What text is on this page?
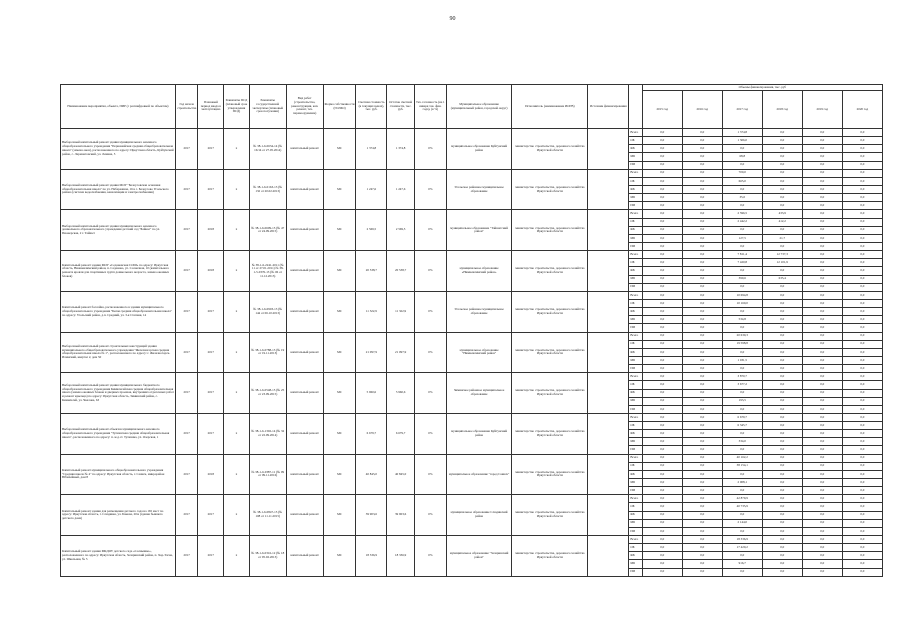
90
Наименование мероприятия, объекта, ПИР (с расшифровкой по объектам)	Год начала строительства	Плановый период ввода в эксплуатацию	Реквизиты ПСД (плановый срок утверждения ПСД)	Реквизиты государственной экспертизы (плановый срок получения)	Вид работ (строительство, реконструкция, кап. ремонт, тех. перевооружение)	Форма собственности (ГО/МО)	Сметная стоимость (в текущих ценах), тыс. руб.	Остаток сметной стоимости, тыс. руб.	Тех. готовность (на 1 января тек. фин. года), (в %)	Муниципальное образование (муниципальный район, городской округ)	Исполнитель (наименование ИОГВ)	Источник финансирования		Объемы финансирования, тыс. руб					
														2015 год	2016 год	2017 год	2018 год	2019 год	2020 год
Выборочный капитальный ремонт здания муниципального казенного общеобразовательного учреждения "Первомайская средняя общеобразовательная школа" (замена окон), расположенного по адресу: Иркутская область, Куйтунский район, с. Лермонтовский, ул. Ленина, 5	2017	2017	x	№ 38-1-6-0634-14 (№ 16/14 от 27.05.2014)	капитальный ремонт	МС	1 374,8	1 374,8	0%	муниципальное образование Куйтунский район	министерство строительства, дорожного хозяйства Иркутской области		Всего	0,0	0,0	1 374,8	0,0	0,0	0,0
													ОБ	0,0	0,0	1 306,0	0,0	0,0	0,0
													ФБ	0,0	0,0	0,0	0,0	0,0	0,0
													МБ	0,0	0,0	68,8	0,0	0,0	0,0
													ИИ	0,0	0,0	0,0	0,0	0,0	0,0
Выборочный капитальный ремонт здания МОУ "Белоусовская основная общеобразовательная школа" по ул. Набережная, 16 в с. Белоусово Усольского района (система водоснабжения, канализации и электроснабжения)	2017	2017	x	№ 38-1-6-0163-13 (№ 132 от 20.02.2013)	капитальный ремонт	МС	1 247,6	1 247,6	0%	Усольское районное муниципальное образование	министерство строительства, дорожного хозяйства Иркутской области		Всего	0,0	0,0	700,0	0,0	0,0	0,0
													ОБ	0,0	0,0	665,0	0,0	0,0	0,0
													ФБ	0,0	0,0	0,0	0,0	0,0	0,0
													МБ	0,0	0,0	35,0	0,0	0,0	0,0
													ИИ	0,0	0,0	0,0	0,0	0,0	0,0
Выборочный капитальный ремонт здания муниципального казенного дошкольного образовательного учреждения детский сад "Байкал" по ул. Пионерская, 2 г. Тайшет	2017	2018	x	№ 38-1-6-0609-15 (№ 47 от 24.09.2015)	капитальный ремонт	МС	2 569,5	2 569,5	0%	муниципальное образование "Тайшетский район"	министерство строительства, дорожного хозяйства Иркутской области		Всего	0,0	0,0	2 596,5	433,9	0,0	0,0
													ОБ	0,0	0,0	2 442,2	412,2	0,0	0,0
													ФБ	0,0	0,0	0,0	0,0	0,0	0,0
													МБ	0,0	0,0	127,5	21,7	0,0	0,0
													ИИ	0,0	0,0	0,0	0,0	0,0	0,0
Капитальный ремонт здания МОУ «Седановская СОШ» по адресу: Иркутская область, Нижнеилимский район, п. Седаново, ул. Солнечная, 10 (капитального ремонта кровли для спортивных групп дошкольного возраста, замена оконных блоков)	2017	2018	x	№ 38-1-6-2241-2011 (№ 11 от 27.01.2011) № 38-1-5-0376-13 (№ 06 от 11.12.2013)	капитальный ремонт	МС	20 538,7	20 538,7	0%	муниципальное образование «Нижнеилимский район»	министерство строительства, дорожного хозяйства Иркутской области		Всего	0,0	0,0	7 811,4	12 737,3	0,0	0,0
													ОБ	0,0	0,0	7 420,8	12 101,9	0,0	0,0
													ФБ	0,0	0,0	0,0	0,0	0,0	0,0
													МБ	0,0	0,0	390,6	635,4	0,0	0,0
													ИИ	0,0	0,0	0,0	0,0	0,0	0,0
Капитальный ремонт бассейна, расположенного в здании муниципального общеобразовательного учреждения "Белая средняя общеобразовательная школа" по адресу: Усольский район, д.п. Средний, ул. 3-я Степная, 14	2017	2017	x	№ 38-1-6-0903-13 (№ 144 от 06.10.2013)	капитальный ремонт	МС	11 322,9	11 322,9	0%	Усольское районное муниципальное образование	министерство строительства, дорожного хозяйства Иркутской области		Всего	0,0	0,0	10 694,8	0,0	0,0	0,0
													ОБ	0,0	0,0	10 160,0	0,0	0,0	0,0
													ФБ	0,0	0,0	0,0	0,0	0,0	0,0
													МБ	0,0	0,0	534,8	0,0	0,0	0,0
													ИИ	0,0	0,0	0,0	0,0	0,0	0,0
Выборочный капитальный ремонт строительных конструкций здания муниципального общеобразовательного учреждения "Железногорская средняя общеобразовательная школа № 1", расположенного по адресу: г. Железногорск-Илимский, квартал 2, дом 50	2017	2017	x	№ 38-1-6-0788-13 (№ 19 от 19.11.2013)	капитальный ремонт	МС	21 097,9	21 097,9	0%	муниципальное образование "Нижнеилимский район"	министерство строительства, дорожного хозяйства Иркутской области		Всего	0,0	0,0	20 630,3	0,0	0,0	0,0
													ОБ	0,0	0,0	19 598,8	0,0	0,0	0,0
													ФБ	0,0	0,0	0,0	0,0	0,0	0,0
													МБ	0,0	0,0	1 031,5	0,0	0,0	0,0
													ИИ	0,0	0,0	0,0	0,0	0,0	0,0
Выборочный капитальный ремонт здания муниципального бюджетного общеобразовательного учреждения Кимильтейская средняя общеобразовательная школа (замена оконных блоков и дверных проемов, внутренних отделочных работ и ремонт крыльца) по адресу: Иркутская область, Зиминский район, с. Кимильтей, ул. Чкалова, 63	2017	2017	x	№ 38-1-6-0548-15 (№ 25 от 23.09.2015)	капитальный ремонт	МС	5 960,6	5 960,6	0%	Зиминское районное муниципальное образование	министерство строительства, дорожного хозяйства Иркутской области		Всего	0,0	0,0	3 870,7	0,0	0,0	0,0
													ОБ	0,0	0,0	3 677,2	0,0	0,0	0,0
													ФБ	0,0	0,0	0,0	0,0	0,0	0,0
													МБ	0,0	0,0	193,5	0,0	0,0	0,0
													ИИ	0,0	0,0	0,0	0,0	0,0	0,0
Выборочный капитальный ремонт объектов муниципального казенного общеобразовательного учреждения "Тулюшская средняя общеобразовательная школа", расположенного по адресу: п. ж.д.ст. Тулюшка, ул. Озерская, 1	2017	2017	x	№ 38-1-6-1302-14 (№ 32 от 22.09.2014)	капитальный ремонт	МС	6 679,7	6 679,7	0%	муниципальное образование Куйтунский район	министерство строительства, дорожного хозяйства Иркутской области		Всего	0,0	0,0	6 679,7	0,0	0,0	0,0
													ОБ	0,0	0,0	6 345,7	0,0	0,0	0,0
													ФБ	0,0	0,0	0,0	0,0	0,0	0,0
													МБ	0,0	0,0	334,0	0,0	0,0	0,0
													ИИ	0,0	0,0	0,0	0,0	0,0	0,0
Капитальный ремонт муниципального общеобразовательного учреждения "Средняя школа № 4" по адресу: Иркутская область, г. Саянск, микрорайон Юбилейный, дом 8	2017	2018	x	№ 38-1-6-0387-11 (№ 09 от 09.11.2016)	капитальный ремонт	МС	40 845,0	40 845,0	0%	муниципальное образование "город Саянск"	министерство строительства, дорожного хозяйства Иркутской области		Всего	0,0	0,0	40 162,2	0,0	0,0	0,0
													ОБ	0,0	0,0	38 154,1	0,0	0,0	0,0
													ФБ	0,0	0,0	0,0	0,0	0,0	0,0
													МБ	0,0	0,0	2 008,1	0,0	0,0	0,0
													ИИ	0,0	0,0	0,0	0,0	0,0	0,0
Капитальный ремонт здания для размещения детского сада на 165 мест по адресу: Иркутская область, г. Слюдянка, ул. Бажова, 20А (здание бывшего детского дома)	2017	2017	x	№ 38-1-6-0847-15 (№ 108 от 11.11.2015)	капитальный ремонт	МС	39 903,6	39 903,6	0%	муниципальное образование Слюдянский район	министерство строительства, дорожного хозяйства Иркутской области		Всего	0,0	0,0	42 879,9	0,0	0,0	0,0
													ОБ	0,0	0,0	40 735,9	0,0	0,0	0,0
													ФБ	0,0	0,0	0,0	0,0	0,0	0,0
													МБ	0,0	0,0	2 144,0	0,0	0,0	0,0
													ИИ	0,0	0,0	0,0	0,0	0,0	0,0
Капитальный ремонт здания МКДОУ детского сада «Солнышко», расположенного по адресу: Иркутская область, Заларинский район, п. Хор-Тагна, ул. Школьная, № 5	2017	2017	x	№ 38-1-6-0316-12 (№ 18 от 05.02.2013)	капитальный ремонт	МС	18 336,9	18 336,9	0%	муниципальное образование "Заларинский район"	министерство строительства, дорожного хозяйства Иркутской области		Всего	0,0	0,0	18 336,9	0,0	0,0	0,0
													ОБ	0,0	0,0	17 420,2	0,0	0,0	0,0
													ФБ	0,0	0,0	0,0	0,0	0,0	0,0
													МБ	0,0	0,0	916,7	0,0	0,0	0,0
													ИИ	0,0	0,0	0,0	0,0	0,0	0,0
